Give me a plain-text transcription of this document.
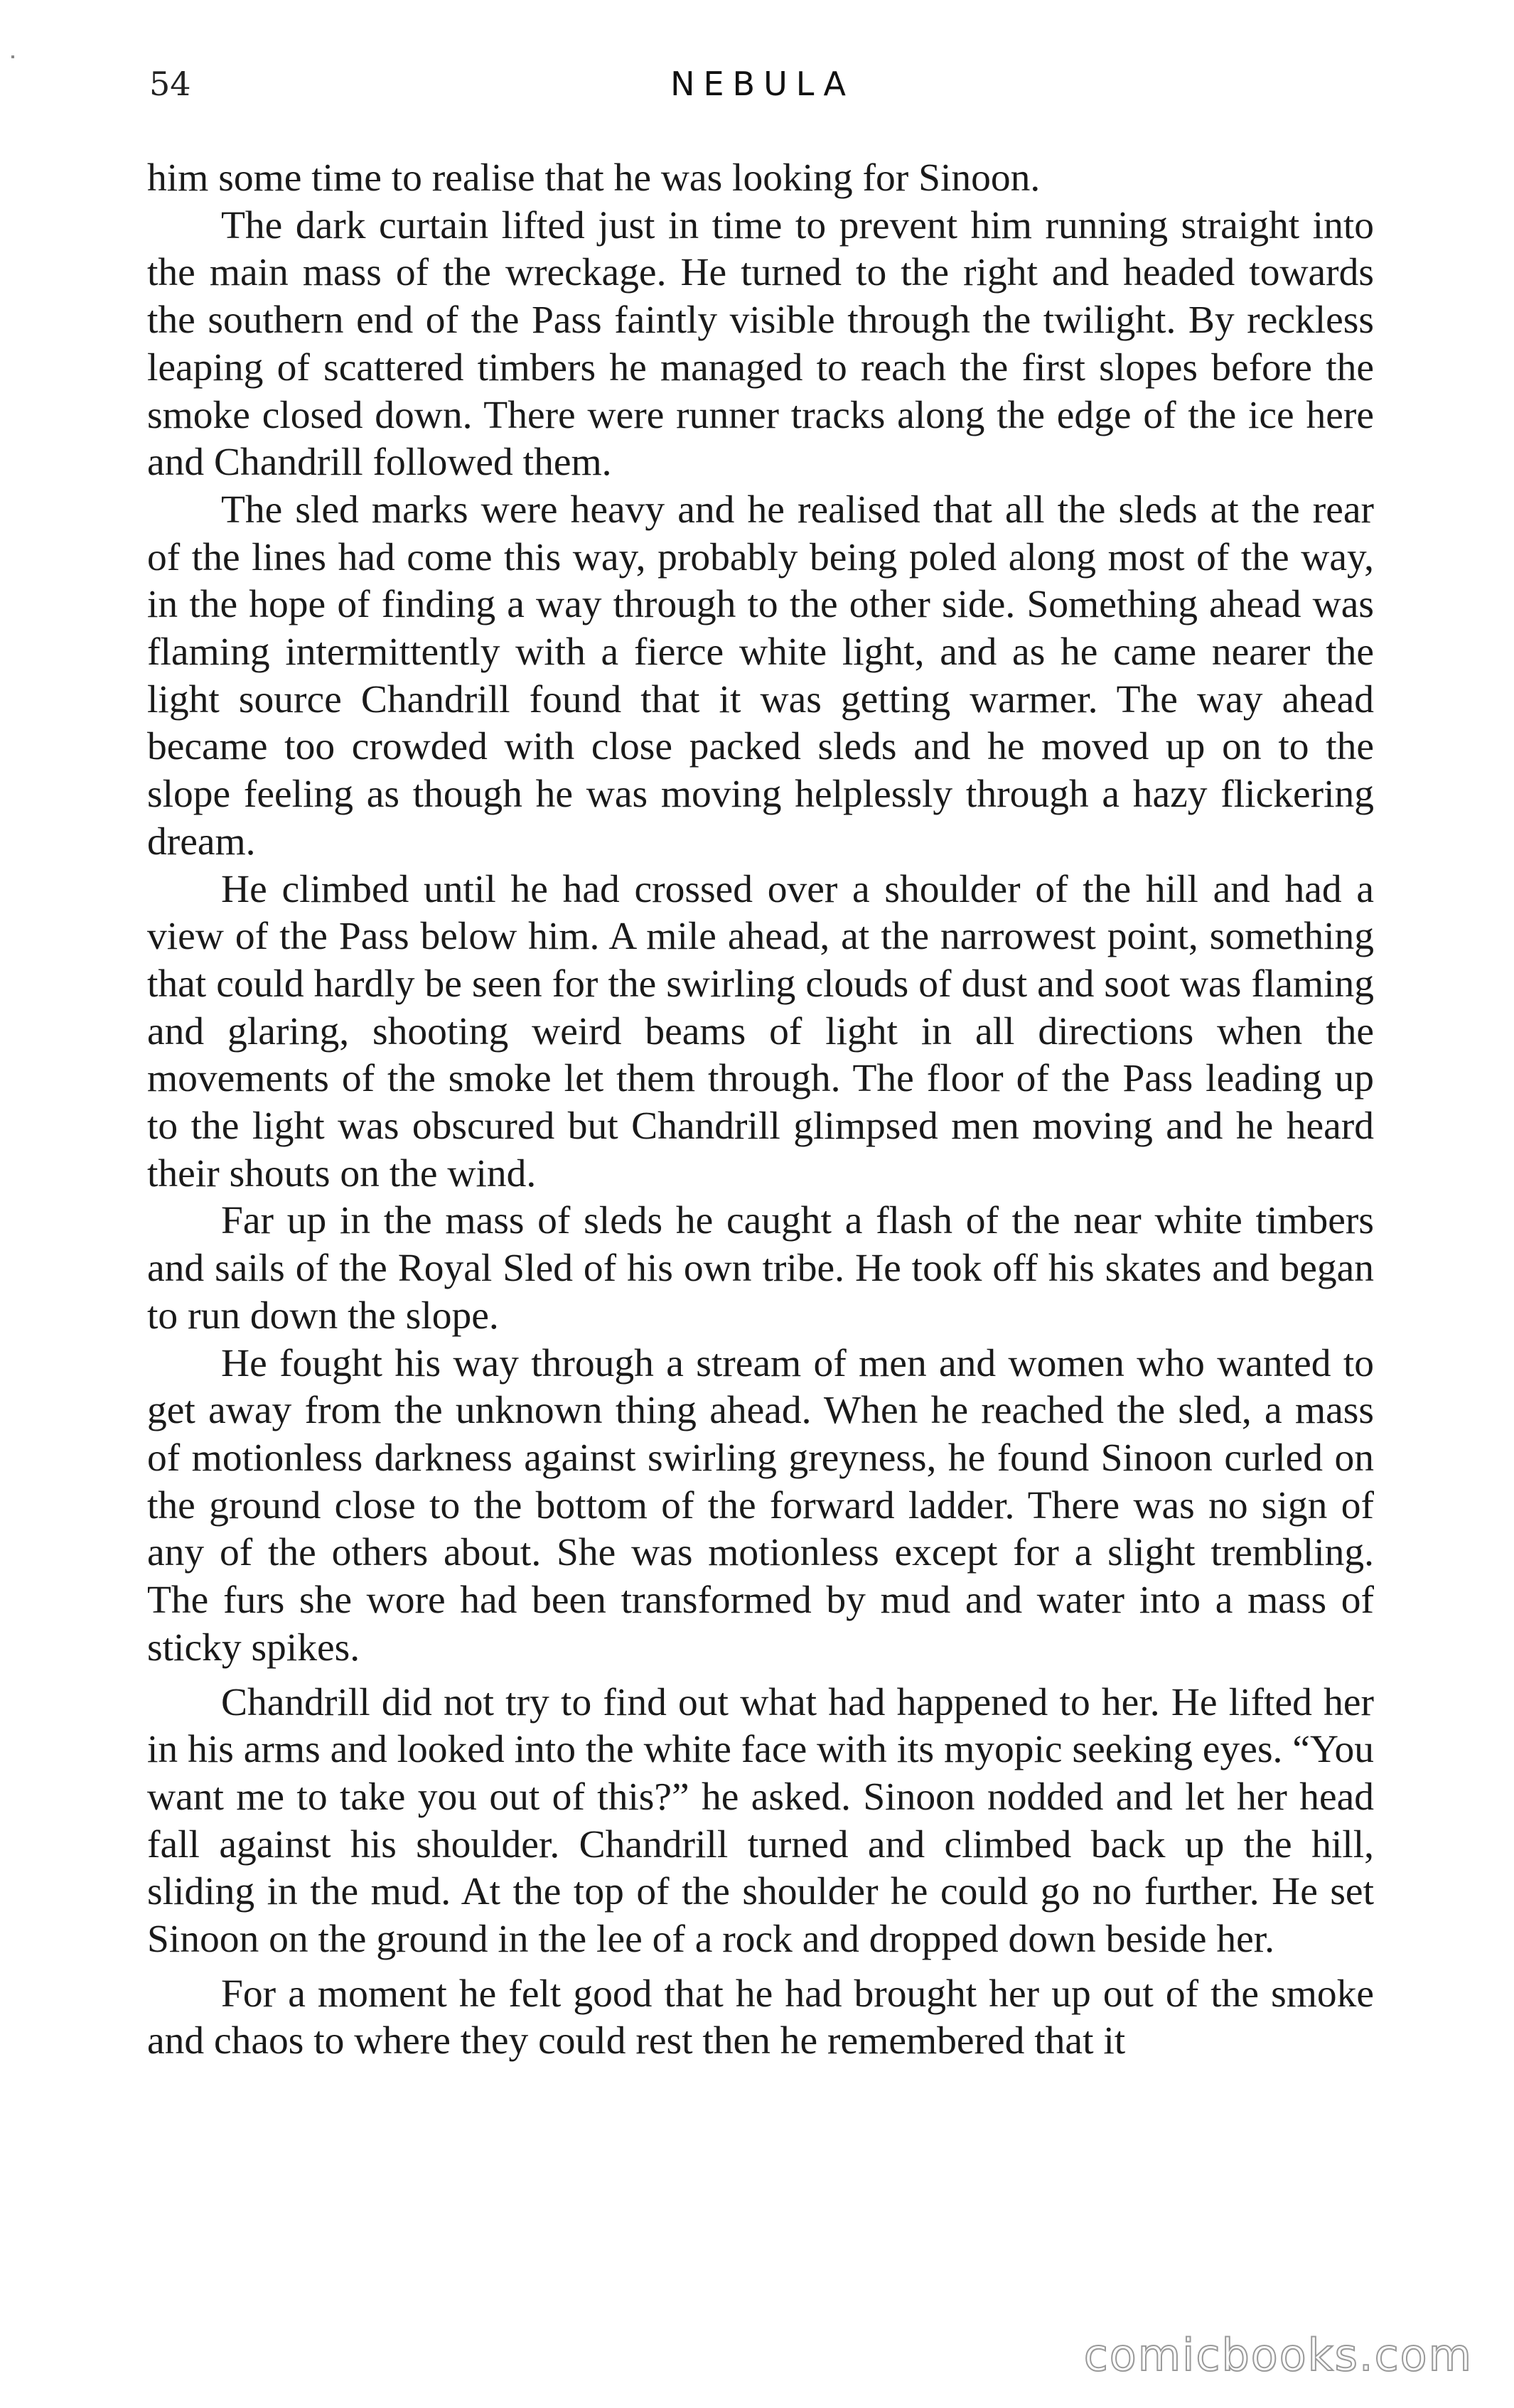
54	NEBULA

him some time to realise that he was looking for Sinoon.

The dark curtain lifted just in time to prevent him running straight into the main mass of the wreckage. He turned to the right and headed towards the southern end of the Pass faintly visible through the twilight. By reckless leaping of scattered timbers he managed to reach the first slopes before the smoke closed down. There were runner tracks along the edge of the ice here and Chandrill followed them.

The sled marks were heavy and he realised that all the sleds at the rear of the lines had come this way, probably being poled along most of the way, in the hope of finding a way through to the other side. Something ahead was flaming intermittently with a fierce white light, and as he came nearer the light source Chandrill found that it was getting warmer. The way ahead became too crowded with close packed sleds and he moved up on to the slope feeling as though he was moving helplessly through a hazy flickering dream.

He climbed until he had crossed over a shoulder of the hill and had a view of the Pass below him. A mile ahead, at the narrowest point, something that could hardly be seen for the swirling clouds of dust and soot was flaming and glaring, shooting weird beams of light in all directions when the movements of the smoke let them through. The floor of the Pass leading up to the light was obscured but Chandrill glimpsed men moving and he heard their shouts on the wind.

Far up in the mass of sleds he caught a flash of the near white timbers and sails of the Royal Sled of his own tribe. He took off his skates and began to run down the slope.

He fought his way through a stream of men and women who wanted to get away from the unknown thing ahead. When he reached the sled, a mass of motionless darkness against swirling greyness, he found Sinoon curled on the ground close to the bottom of the forward ladder. There was no sign of any of the others about. She was motionless except for a slight trembling. The furs she wore had been transformed by mud and water into a mass of sticky spikes.

Chandrill did not try to find out what had happened to her. He lifted her in his arms and looked into the white face with its myopic seeking eyes. “You want me to take you out of this?” he asked. Sinoon nodded and let her head fall against his shoulder. Chandrill turned and climbed back up the hill, sliding in the mud. At the top of the shoulder he could go no further. He set Sinoon on the ground in the lee of a rock and dropped down beside her.

For a moment he felt good that he had brought her up out of the smoke and chaos to where they could rest then he remembered that it

comicbooks.com
